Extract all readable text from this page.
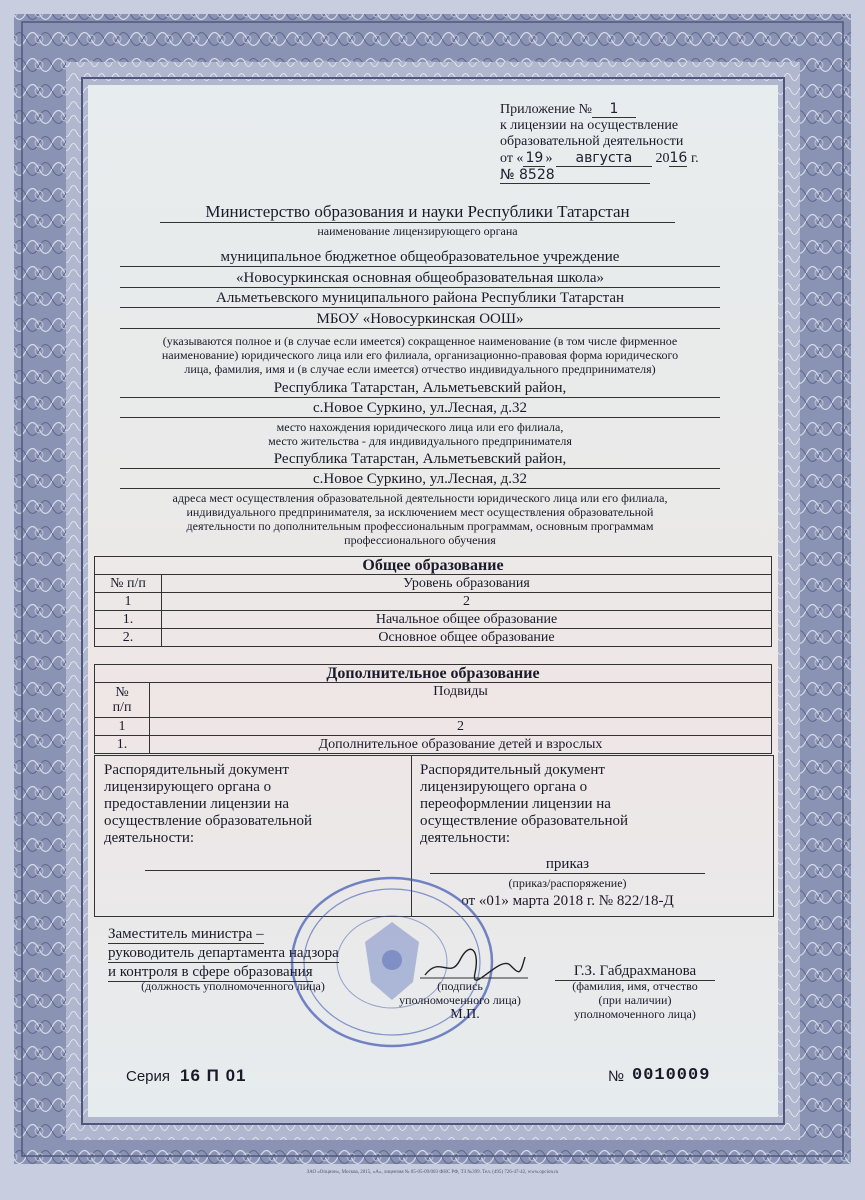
Приложение № 1
к лицензии на осуществление
образовательной деятельности
от « 19 » августа 2016 г.
№ 8528
Министерство образования и науки Республики Татарстан
наименование лицензирующего органа
муниципальное бюджетное общеобразовательное учреждение
«Новосуркинская основная общеобразовательная школа»
Альметьевского муниципального района Республики Татарстан
МБОУ «Новосуркинская ООШ»
(указываются полное и (в случае если имеется) сокращенное наименование (в том числе фирменное
наименование) юридического лица или его филиала, организационно-правовая форма юридического
лица, фамилия, имя и (в случае если имеется) отчество индивидуального предпринимателя)
Республика Татарстан, Альметьевский район,
с.Новое Суркино, ул.Лесная, д.32
место нахождения юридического лица или его филиала,
место жительства - для индивидуального предпринимателя
Республика Татарстан, Альметьевский район,
с.Новое Суркино, ул.Лесная, д.32
адреса мест осуществления образовательной деятельности юридического лица или его филиала,
индивидуального предпринимателя, за исключением мест осуществления образовательной
деятельности по дополнительным профессиональным программам, основным программам
профессионального обучения
Общее образование	
№ п/п	Уровень образования
1	2
1.	Начальное общее образование
2.	Основное общее образование
Дополнительное образование	
№
п/п	Подвиды
1	2
1.	Дополнительное образование детей и взрослых
Распорядительный документ
лицензирующего органа о
предоставлении лицензии на
осуществление образовательной
деятельности:
Распорядительный документ
лицензирующего органа о
переоформлении лицензии на
осуществление образовательной
деятельности:
приказ
(приказ/распоряжение)
от «01» марта 2018 г. № 822/18-Д
Заместитель министра –
руководитель департамента надзора
и контроля в сфере образования
(должность уполномоченного лица)	(подпись
уполномоченного лица)
М.П.
Г.З. Габдрахманова
(фамилия, имя, отчество
(при наличии)
уполномоченного лица)
Серия 16 П 01	№ 0010009
ЗАО «Опцион», Москва, 2015, «А», лицензия № 05-05-09/003 ФНС РФ, ТЗ №399. Тел. (495) 726-47-42, www.opcion.ru
